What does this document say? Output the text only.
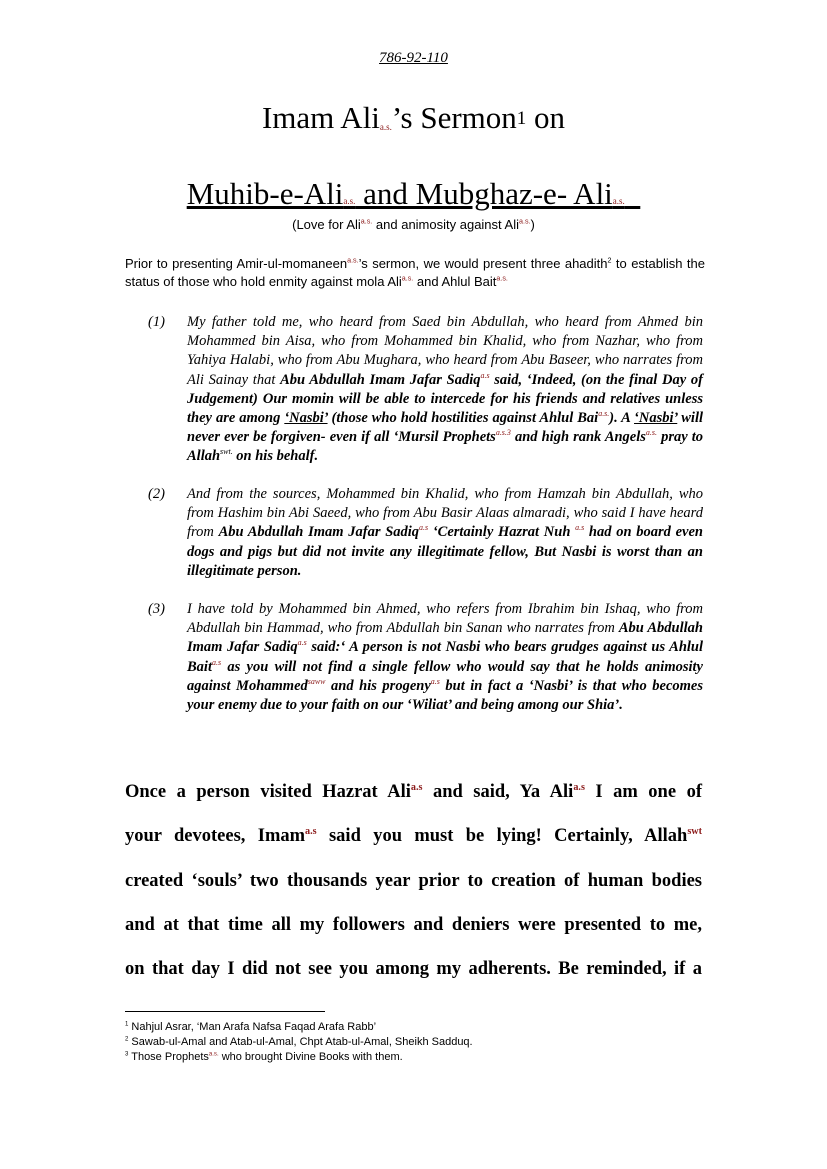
786-92-110
Imam Ali$^{a.s.}$’s Sermon$^1$ on
Muhib-e-Alia.s. and Mubghaz-e- Alia.s.
(Love for Ali$^{a.s.}$ and animosity against Ali$^{a.s.}$)
Prior to presenting Amir-ul-momaneen$^{a.s.}$’s sermon, we would present three ahadith$^2$ to establish the status of those who hold enmity against mola Ali$^{a.s.}$ and Ahlul Bait$^{a.s.}$
(1) My father told me, who heard from Saed bin Abdullah, who heard from Ahmed bin Mohammed bin Aisa, who from Mohammed bin Khalid, who from Nazhar, who from Yahiya Halabi, who from Abu Mughara, who heard from Abu Baseer, who narrates from Ali Sainay that Abu Abdullah Imam Jafar Sadiq$^{a.s}$ said, ‘Indeed, (on the final Day of Judgement) Our momin will be able to intercede for his friends and relatives unless they are among ‘Nasbi’ (those who hold hostilities against Ahlul Bai$^{a.s.}$). A ‘Nasbi’ will never ever be forgiven- even if all ‘Mursil Prophets$^{a.s.3}$ and high rank Angels$^{a.s.}$ pray to Allah$^{swt.}$ on his behalf.
(2) And from the sources, Mohammed bin Khalid, who from Hamzah bin Abdullah, who from Hashim bin Abi Saeed, who from Abu Basir Alaas almaradi, who said I have heard from Abu Abdullah Imam Jafar Sadiq$^{a.s}$ ‘Certainly Hazrat Nuh $^{a.s}$ had on board even dogs and pigs but did not invite any illegitimate fellow, But Nasbi is worst than an illegitimate person.
(3) I have told by Mohammed bin Ahmed, who refers from Ibrahim bin Ishaq, who from Abdullah bin Hammad, who from Abdullah bin Sanan who narrates from Abu Abdullah Imam Jafar Sadiq$^{a.s}$ said:‘ A person is not Nasbi who bears grudges against us Ahlul Bait$^{a.s}$ as you will not find a single fellow who would say that he holds animosity against Mohammed$^{saww}$ and his progeny$^{a.s}$ but in fact a ‘Nasbi’ is that who becomes your enemy due to your faith on our ‘Wiliat’ and being among our Shia’.

Once a person visited Hazrat Ali$^{a.s}$ and said, Ya Ali$^{a.s}$ I am one of

your devotees, Imam$^{a.s}$ said you must be lying! Certainly, Allah$^{swt}$

created ‘souls’ two thousands year prior to creation of human bodies

and at that time all my followers and deniers were presented to me,

on that day I did not see you among my adherents. Be reminded, if a

$^1$ Nahjul Asrar, ‘Man Arafa Nafsa Faqad Arafa Rabb’
$^2$ Sawab-ul-Amal and Atab-ul-Amal, Chpt Atab-ul-Amal, Sheikh Sadduq.
$^3$ Those Prophets$^{a.s.}$ who brought Divine Books with them.
